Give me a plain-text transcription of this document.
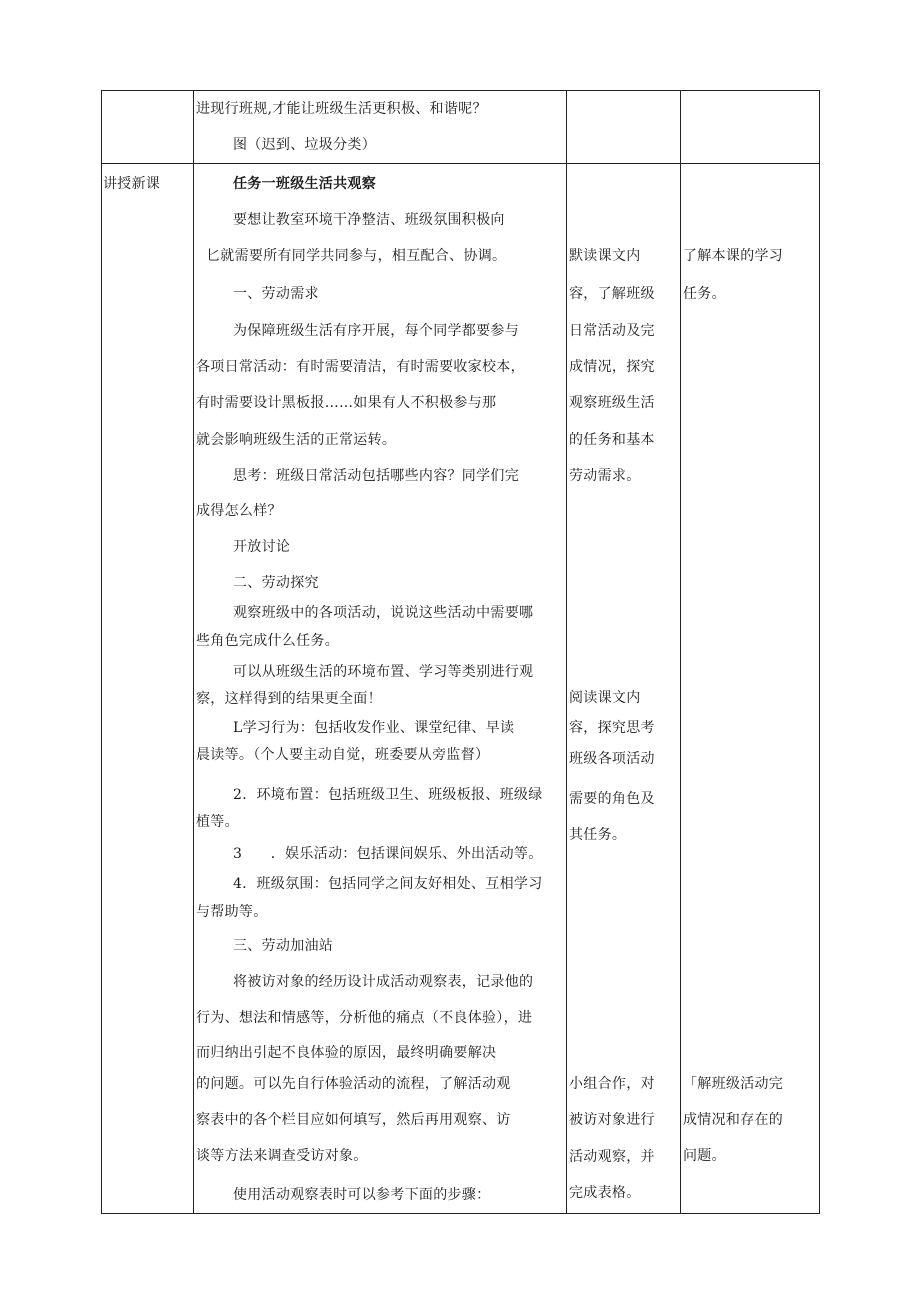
进现行班规,才能让班级生活更积极、和谐呢？
图（迟到、垃圾分类）
讲授新课	任务一班级生活共观察
要想让教室环境干净整洁、班级氛围积极向
匕就需要所有同学共同参与，相互配合、协调。
一、劳动需求
为保障班级生活有序开展，每个同学都要参与
各项日常活动：有时需要清洁，有时需要收家校本，
有时需要设计黑板报……如果有人不积极参与那
就会影响班级生活的正常运转。
思考：班级日常活动包括哪些内容？同学们完
成得怎么样？
开放讨论
二、劳动探究
观察班级中的各项活动，说说这些活动中需要哪
些角色完成什么任务。
可以从班级生活的环境布置、学习等类别进行观
察，这样得到的结果更全面！
L学习行为：包括收发作业、课堂纪律、早读
晨读等。（个人要主动自觉，班委要从旁监督）
2．环境布置：包括班级卫生、班级板报、班级绿
植等。
3　　．娱乐活动：包括课间娱乐、外出活动等。
4．班级氛围：包括同学之间友好相处、互相学习
与帮助等。
三、劳动加油站
将被访对象的经历设计成活动观察表，记录他的
行为、想法和情感等，分析他的痛点（不良体验），进
而归纳出引起不良体验的原因，最终明确要解决
的问题。可以先自行体验活动的流程，了解活动观
察表中的各个栏目应如何填写，然后再用观察、访
谈等方法来调查受访对象。
使用活动观察表时可以参考下面的步骤：
默读课文内
容，了解班级
日常活动及完
成情况，探究
观察班级生活
的任务和基本
劳动需求。
阅读课文内
容，探究思考
班级各项活动
需要的角色及
其任务。
小组合作，对
被访对象进行
活动观察，并
完成表格。
了解本课的学习
任务。
「解班级活动完
成情况和存在的
问题。
